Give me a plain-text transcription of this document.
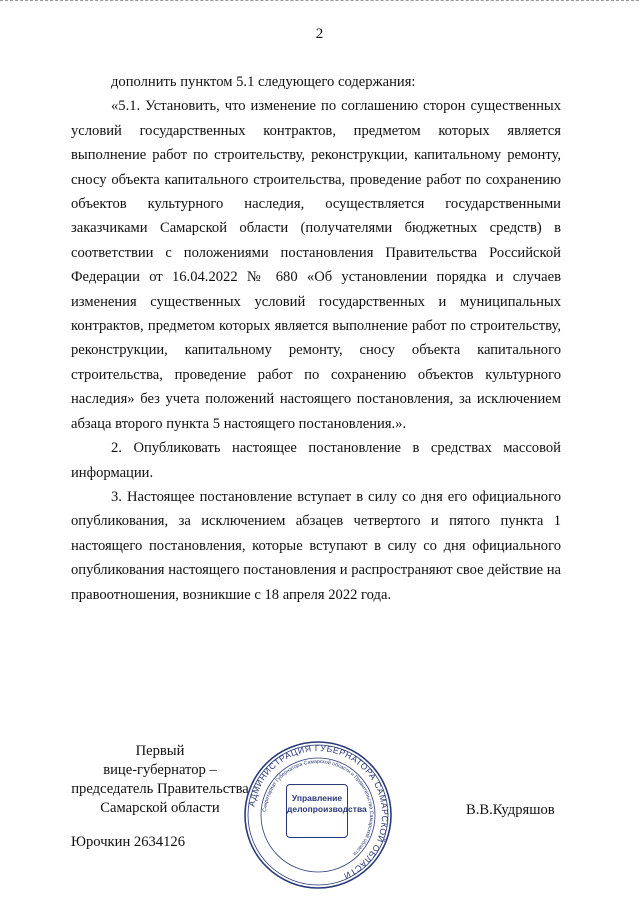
2

дополнить пунктом 5.1 следующего содержания:

«5.1. Установить, что изменение по соглашению сторон существенных условий государственных контрактов, предметом которых является выполнение работ по строительству, реконструкции, капитальному ремонту, сносу объекта капитального строительства, проведение работ по сохранению объектов культурного наследия, осуществляется государственными заказчиками Самарской области (получателями бюджетных средств) в соответствии с положениями постановления Правительства Российской Федерации от 16.04.2022 № 680 «Об установлении порядка и случаев изменения существенных условий государственных и муниципальных контрактов, предметом которых является выполнение работ по строительству, реконструкции, капитальному ремонту, сносу объекта капитального строительства, проведение работ по сохранению объектов культурного наследия» без учета положений настоящего постановления, за исключением абзаца второго пункта 5 настоящего постановления.».

2. Опубликовать настоящее постановление в средствах массовой информации.

3. Настоящее постановление вступает в силу со дня его официального опубликования, за исключением абзацев четвертого и пятого пункта 1 настоящего постановления, которые вступают в силу со дня официального опубликования настоящего постановления и распространяют свое действие на правоотношения, возникшие с 18 апреля 2022 года.

Первый
вице-губернатор –
председатель Правительства
Самарской области	АДМИНИСТРАЦИЯ ГУБЕРНАТОРА САМАРСКОЙ ОБЛАСТИ
Секретариат Губернатора Самарской области и Правительства Самарской области
Управление
делопроизводства	В.В.Кудряшов
Юрочкин 2634126
